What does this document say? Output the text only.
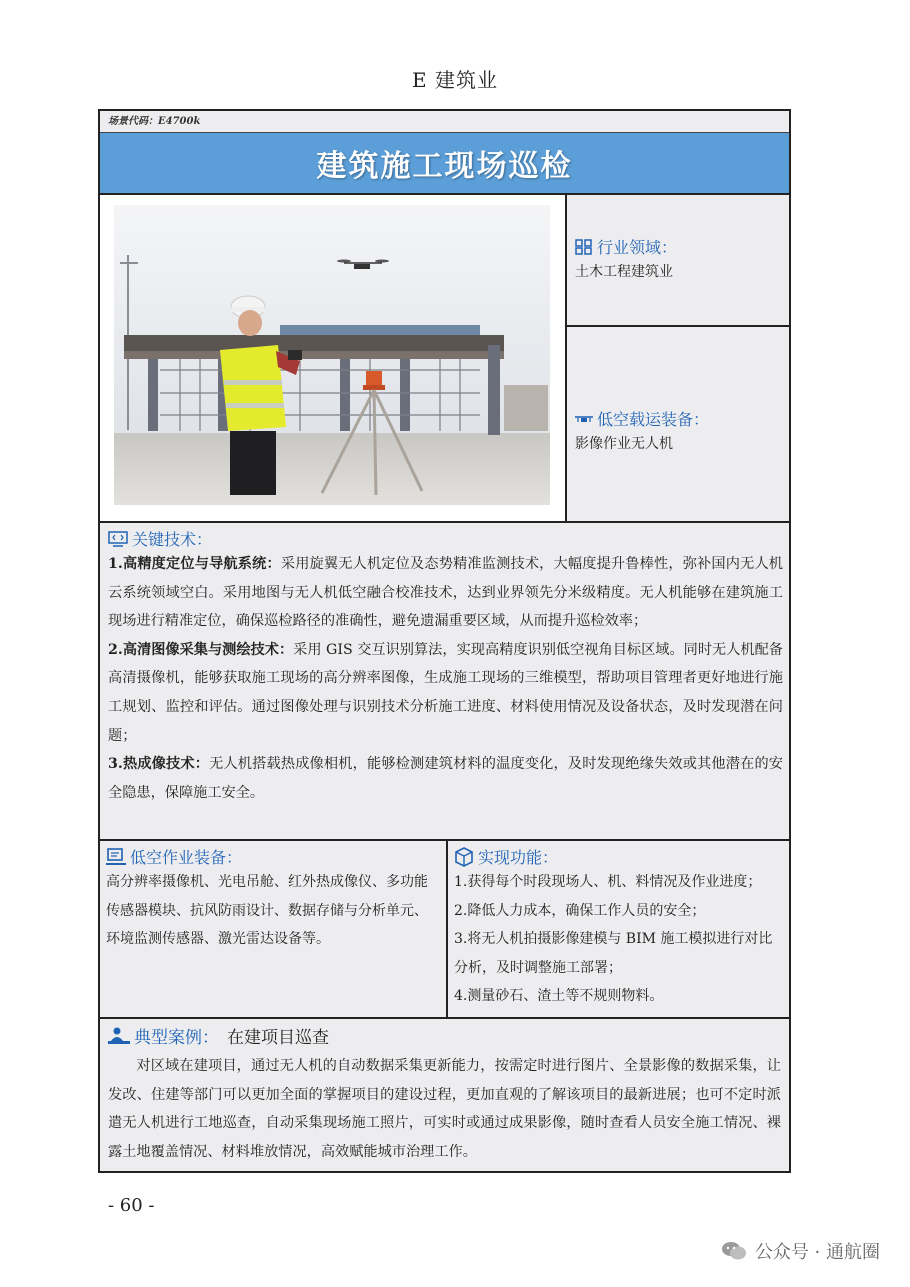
E 建筑业
场景代码：E4700k
建筑施工现场巡检
行业领域：
土木工程建筑业
低空载运装备：
影像作业无人机
关键技术：

1.高精度定位与导航系统：采用旋翼无人机定位及态势精准监测技术，大幅度提升鲁棒性，弥补国内无人机云系统领域空白。采用地图与无人机低空融合校准技术，达到业界领先分米级精度。无人机能够在建筑施工现场进行精准定位，确保巡检路径的准确性，避免遗漏重要区域，从而提升巡检效率；

2.高清图像采集与测绘技术：采用 GIS 交互识别算法，实现高精度识别低空视角目标区域。同时无人机配备高清摄像机，能够获取施工现场的高分辨率图像，生成施工现场的三维模型，帮助项目管理者更好地进行施工规划、监控和评估。通过图像处理与识别技术分析施工进度、材料使用情况及设备状态，及时发现潜在问题；

3.热成像技术：无人机搭载热成像相机，能够检测建筑材料的温度变化，及时发现绝缘失效或其他潜在的安全隐患，保障施工安全。

低空作业装备：
高分辨率摄像机、光电吊舱、红外热成像仪、多功能传感器模块、抗风防雨设计、数据存储与分析单元、环境监测传感器、激光雷达设备等。
实现功能：

1.获得每个时段现场人、机、料情况及作业进度；

2.降低人力成本，确保工作人员的安全；

3.将无人机拍摄影像建模与 BIM 施工模拟进行对比分析，及时调整施工部署；

4.测量砂石、渣土等不规则物料。

典型案例： 在建项目巡查

对区域在建项目，通过无人机的自动数据采集更新能力，按需定时进行图片、全景影像的数据采集，让发改、住建等部门可以更加全面的掌握项目的建设过程，更加直观的了解该项目的最新进展；也可不定时派遣无人机进行工地巡查，自动采集现场施工照片，可实时或通过成果影像，随时查看人员安全施工情况、裸露土地覆盖情况、材料堆放情况，高效赋能城市治理工作。

- 60 -
公众号 · 通航圈
